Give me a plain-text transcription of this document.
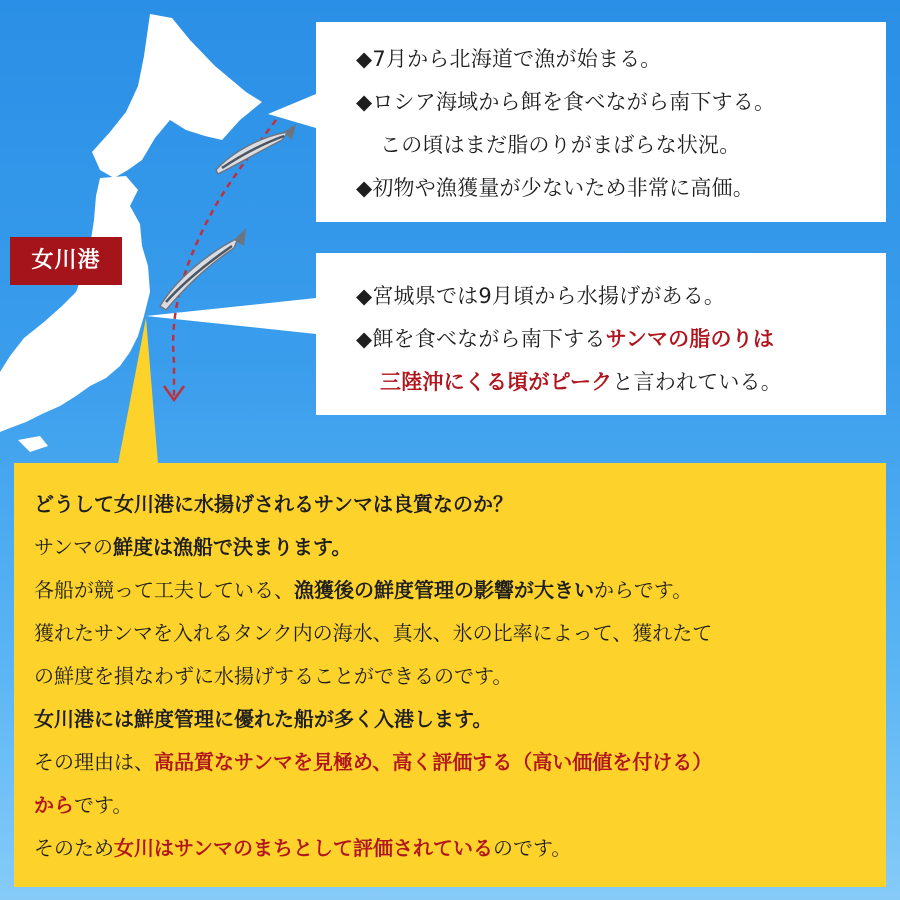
女川港
◆7月から北海道で漁が始まる。
◆ロシア海域から餌を食べながら南下する。
この頃はまだ脂のりがまばらな状況。
◆初物や漁獲量が少ないため非常に高価。
◆宮城県では9月頃から水揚げがある。
◆餌を食べながら南下するサンマの脂のりは
三陸沖にくる頃がピークと言われている。
どうして女川港に水揚げされるサンマは良質なのか？
サンマの鮮度は漁船で決まります。
各船が競って工夫している、漁獲後の鮮度管理の影響が大きいからです。
獲れたサンマを入れるタンク内の海水、真水、氷の比率によって、獲れたて
の鮮度を損なわずに水揚げすることができるのです。
女川港には鮮度管理に優れた船が多く入港します。
その理由は、高品質なサンマを見極め、高く評価する（高い価値を付ける）
からです。
そのため女川はサンマのまちとして評価されているのです。
